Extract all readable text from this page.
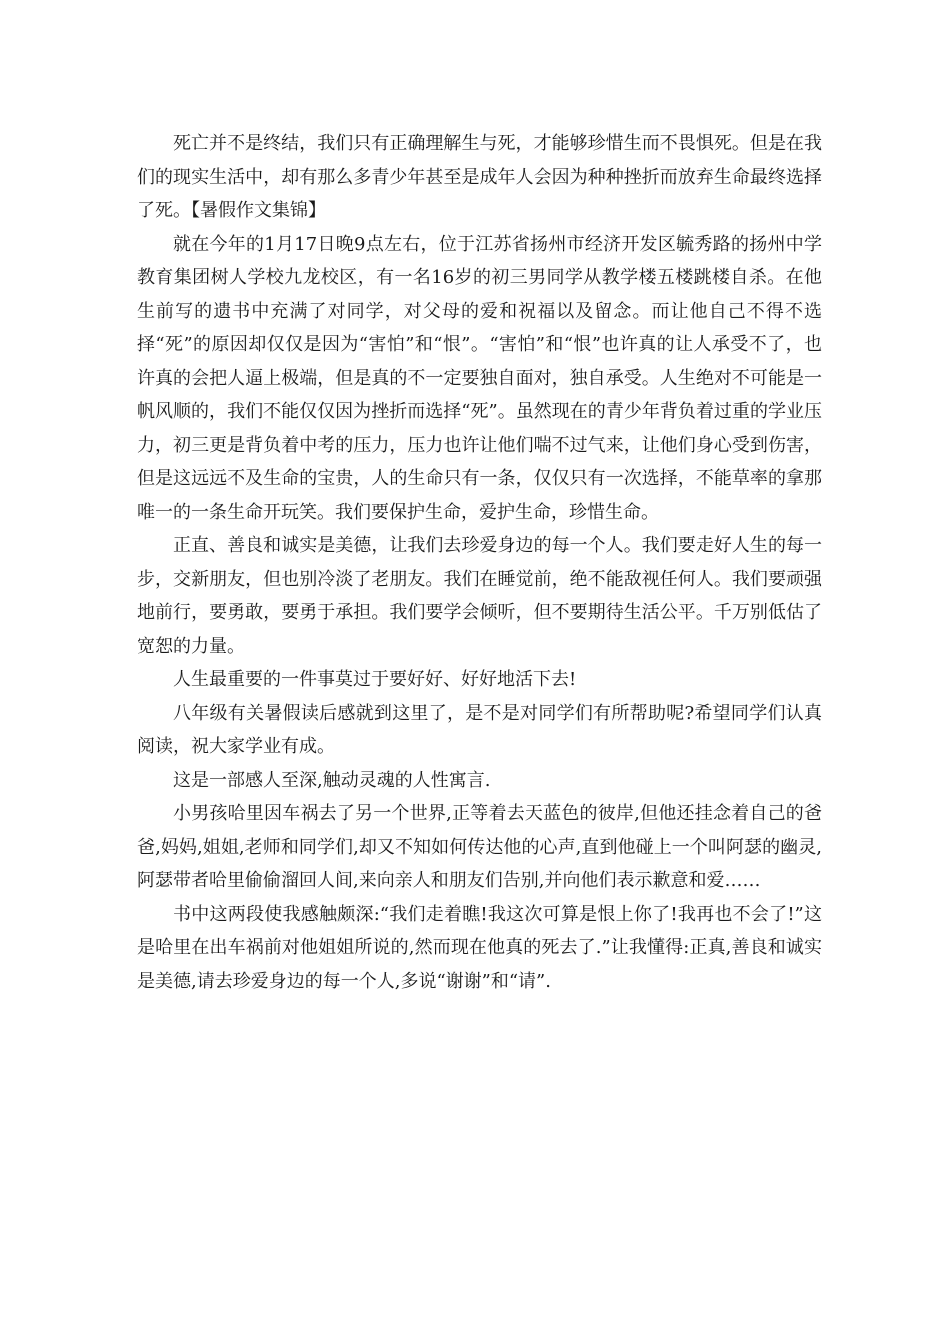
死亡并不是终结，我们只有正确理解生与死，才能够珍惜生而不畏惧死。但是在我们的现实生活中，却有那么多青少年甚至是成年人会因为种种挫折而放弃生命最终选择了死。【暑假作文集锦】

就在今年的1月17日晚9点左右，位于江苏省扬州市经济开发区毓秀路的扬州中学教育集团树人学校九龙校区，有一名16岁的初三男同学从教学楼五楼跳楼自杀。在他生前写的遗书中充满了对同学，对父母的爱和祝福以及留念。而让他自己不得不选择“死”的原因却仅仅是因为“害怕”和“恨”。“害怕”和“恨”也许真的让人承受不了，也许真的会把人逼上极端，但是真的不一定要独自面对，独自承受。人生绝对不可能是一帆风顺的，我们不能仅仅因为挫折而选择“死”。虽然现在的青少年背负着过重的学业压力，初三更是背负着中考的压力，压力也许让他们喘不过气来，让他们身心受到伤害，但是这远远不及生命的宝贵，人的生命只有一条，仅仅只有一次选择，不能草率的拿那唯一的一条生命开玩笑。我们要保护生命，爱护生命，珍惜生命。

正直、善良和诚实是美德，让我们去珍爱身边的每一个人。我们要走好人生的每一步，交新朋友，但也别冷淡了老朋友。我们在睡觉前，绝不能敌视任何人。我们要顽强地前行，要勇敢，要勇于承担。我们要学会倾听，但不要期待生活公平。千万别低估了宽恕的力量。

人生最重要的一件事莫过于要好好、好好地活下去!

八年级有关暑假读后感就到这里了，是不是对同学们有所帮助呢?希望同学们认真阅读，祝大家学业有成。

这是一部感人至深,触动灵魂的人性寓言.

小男孩哈里因车祸去了另一个世界,正等着去天蓝色的彼岸,但他还挂念着自己的爸爸,妈妈,姐姐,老师和同学们,却又不知如何传达他的心声,直到他碰上一个叫阿瑟的幽灵,阿瑟带者哈里偷偷溜回人间,来向亲人和朋友们告别,并向他们表示歉意和爱……

书中这两段使我感触颇深:“我们走着瞧!我这次可算是恨上你了!我再也不会了!”这是哈里在出车祸前对他姐姐所说的,然而现在他真的死去了.”让我懂得:正真,善良和诚实是美德,请去珍爱身边的每一个人,多说“谢谢”和“请”.
